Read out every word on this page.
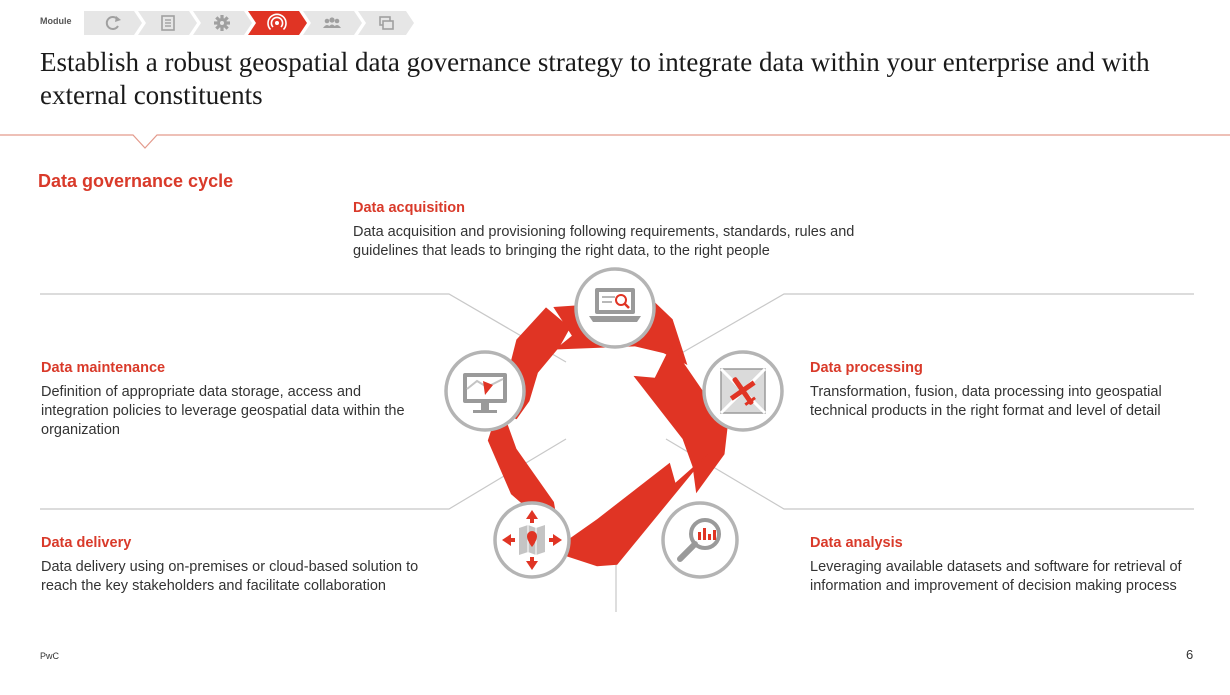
Module
Establish a robust geospatial data governance strategy to integrate data within your enterprise and with external constituents
Data governance cycle
Data acquisition
Data acquisition and provisioning following requirements, standards, rules and guidelines that leads to bringing the right data, to the right people
Data maintenance
Definition of appropriate data storage, access and integration policies to leverage geospatial data within the organization
Data processing
Transformation, fusion, data processing into geospatial technical products in the right format and level of detail
Data delivery
Data delivery using on-premises or cloud-based solution to reach the key stakeholders and facilitate collaboration
Data analysis
Leveraging available datasets and software for retrieval of information and improvement of decision making process
PwC	6
